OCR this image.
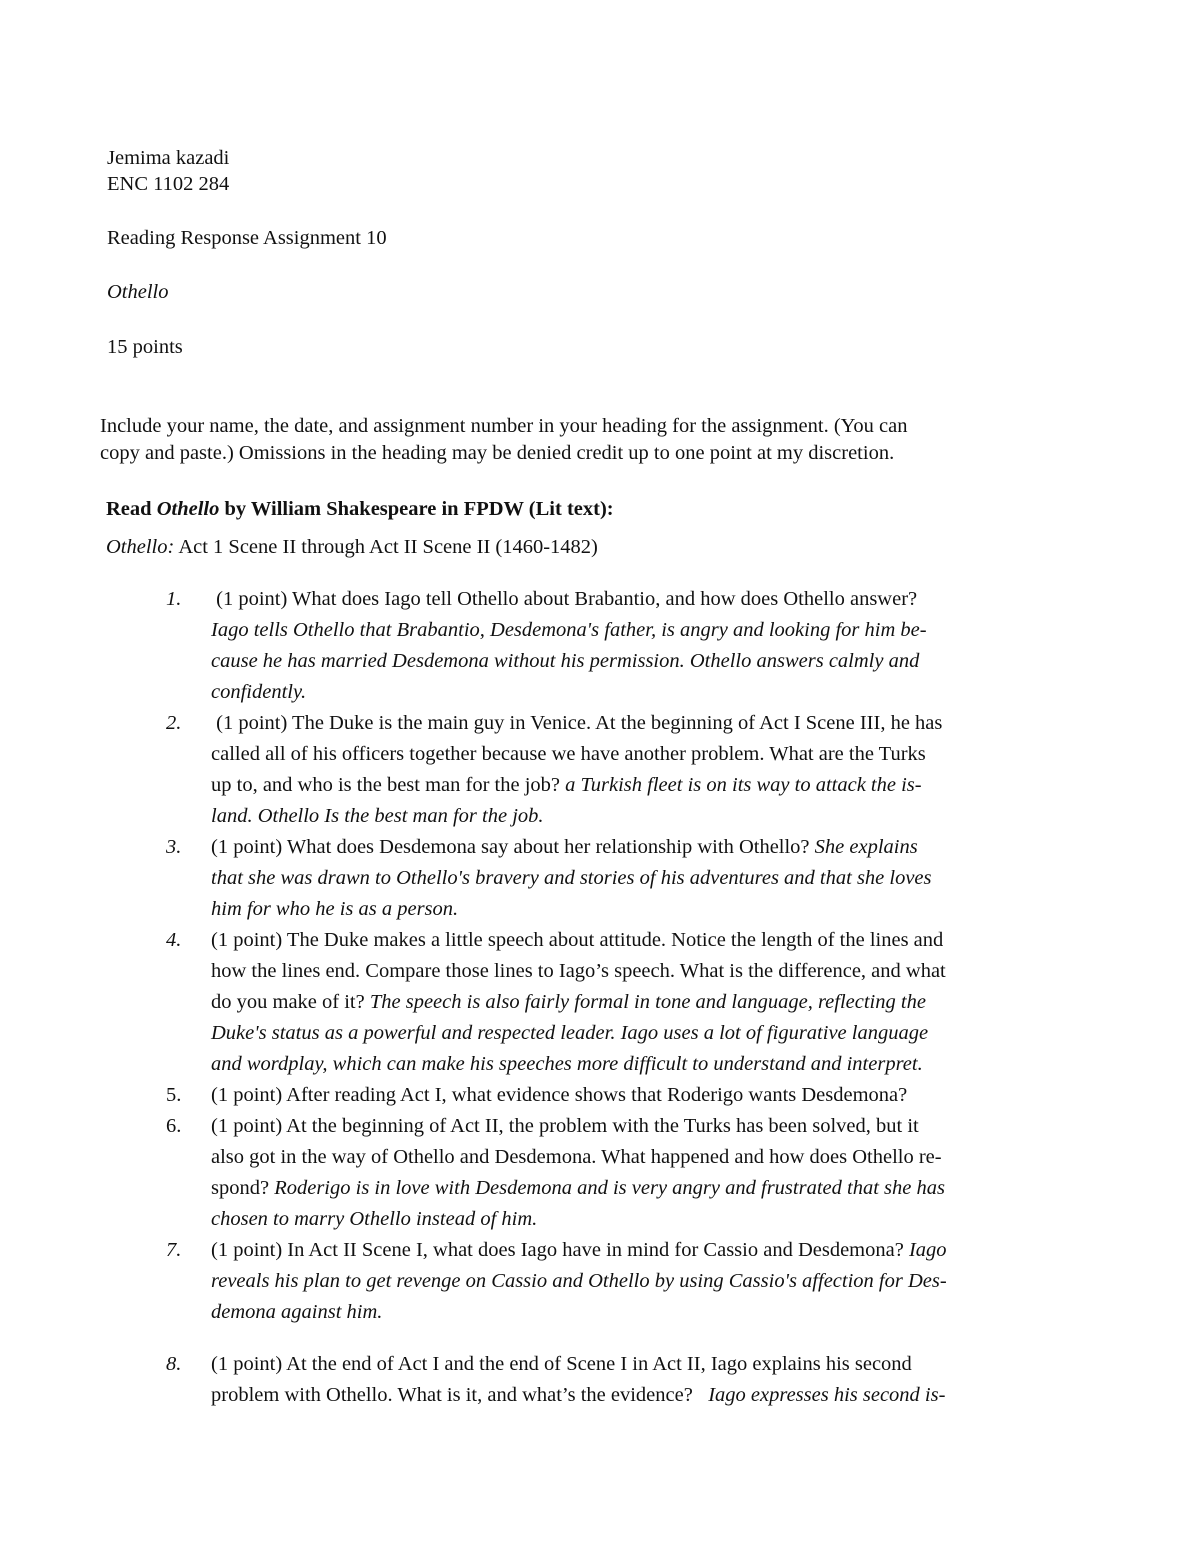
Jemima kazadi

ENC 1102 284

Reading Response Assignment 10

Othello

15 points

Include your name, the date, and assignment number in your heading for the assignment. (You can
copy and paste.) Omissions in the heading may be denied credit up to one point at my discretion.

Read Othello by William Shakespeare in FPDW (Lit text):

Othello: Act 1 Scene II through Act II Scene II (1460-1482)

1.	(1 point) What does Iago tell Othello about Brabantio, and how does Othello answer?
Iago tells Othello that Brabantio, Desdemona's father, is angry and looking for him be-
cause he has married Desdemona without his permission. Othello answers calmly and
confidently.
2.	(1 point) The Duke is the main guy in Venice. At the beginning of Act I Scene III, he has
called all of his officers together because we have another problem. What are the Turks
up to, and who is the best man for the job? a Turkish fleet is on its way to attack the is-
land. Othello Is the best man for the job.
3.	(1 point) What does Desdemona say about her relationship with Othello? She explains
that she was drawn to Othello's bravery and stories of his adventures and that she loves
him for who he is as a person.
4.	(1 point) The Duke makes a little speech about attitude. Notice the length of the lines and
how the lines end. Compare those lines to Iago’s speech. What is the difference, and what
do you make of it? The speech is also fairly formal in tone and language, reflecting the
Duke's status as a powerful and respected leader. Iago uses a lot of figurative language
and wordplay, which can make his speeches more difficult to understand and interpret.
5.	(1 point) After reading Act I, what evidence shows that Roderigo wants Desdemona?
6.	(1 point) At the beginning of Act II, the problem with the Turks has been solved, but it
also got in the way of Othello and Desdemona. What happened and how does Othello re-
spond? Roderigo is in love with Desdemona and is very angry and frustrated that she has
chosen to marry Othello instead of him.
7.	(1 point) In Act II Scene I, what does Iago have in mind for Cassio and Desdemona? Iago
reveals his plan to get revenge on Cassio and Othello by using Cassio's affection for Des-
demona against him.
8.	(1 point) At the end of Act I and the end of Scene I in Act II, Iago explains his second
problem with Othello. What is it, and what’s the evidence?   Iago expresses his second is-
